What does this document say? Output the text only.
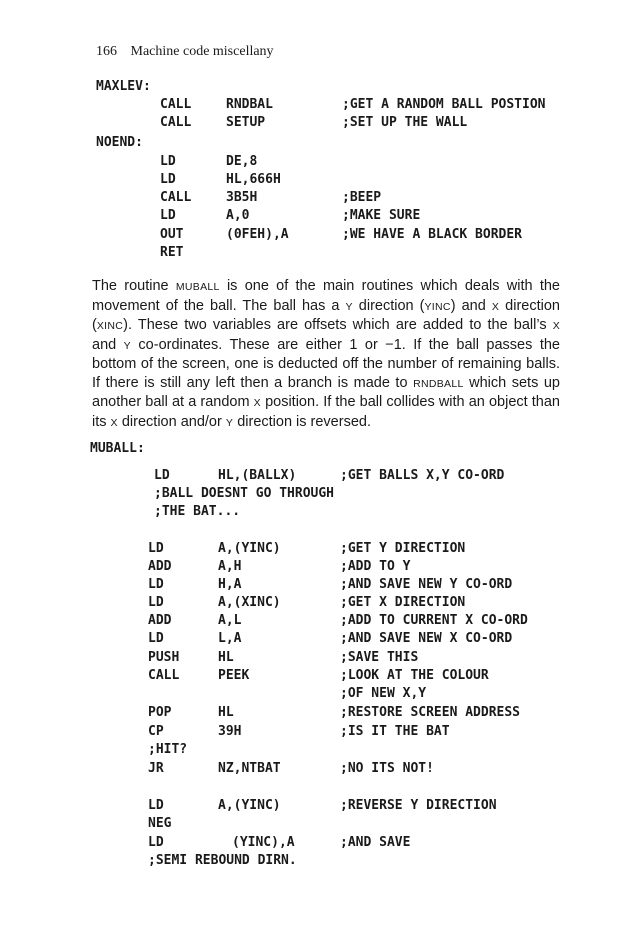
166 Machine code miscellany

MAXLEV:

CALL	RNDBAL	;GET A RANDOM BALL POSTION

CALL	SETUP	;SET UP THE WALL

NOEND:

LD	DE,8

LD	HL,666H

CALL	3B5H	;BEEP

LD	A,0	;MAKE SURE

OUT	(0FEH),A	;WE HAVE A BLACK BORDER

RET

The routine MUBALL is one of the main routines which deals with the movement of the ball. The ball has a Y direction (YINC) and X direction (XINC). These two variables are offsets which are added to the ball’s X and Y co-ordinates. These are either 1 or −1. If the ball passes the bottom of the screen, one is deducted off the number of remaining balls. If there is still any left then a branch is made to RNDBALL which sets up another ball at a random X position. If the ball collides with an object than its X direction and/or Y direction is reversed.

MUBALL:

LD	HL,(BALLX)	;GET BALLS X,Y CO-ORD

;BALL DOESNT GO THROUGH

;THE BAT...

LD	A,(YINC)	;GET Y DIRECTION

ADD	A,H	;ADD TO Y

LD	H,A	;AND SAVE NEW Y CO-ORD

LD	A,(XINC)	;GET X DIRECTION

ADD	A,L	;ADD TO CURRENT X CO-ORD

LD	L,A	;AND SAVE NEW X CO-ORD

PUSH	HL	;SAVE THIS

CALL	PEEK	;LOOK AT THE COLOUR

;OF NEW X,Y

POP	HL	;RESTORE SCREEN ADDRESS

CP	39H	;IS IT THE BAT

;HIT?

JR	NZ,NTBAT	;NO ITS NOT!

LD	A,(YINC)	;REVERSE Y DIRECTION

NEG

LD	(YINC),A	;AND SAVE

;SEMI REBOUND DIRN.
